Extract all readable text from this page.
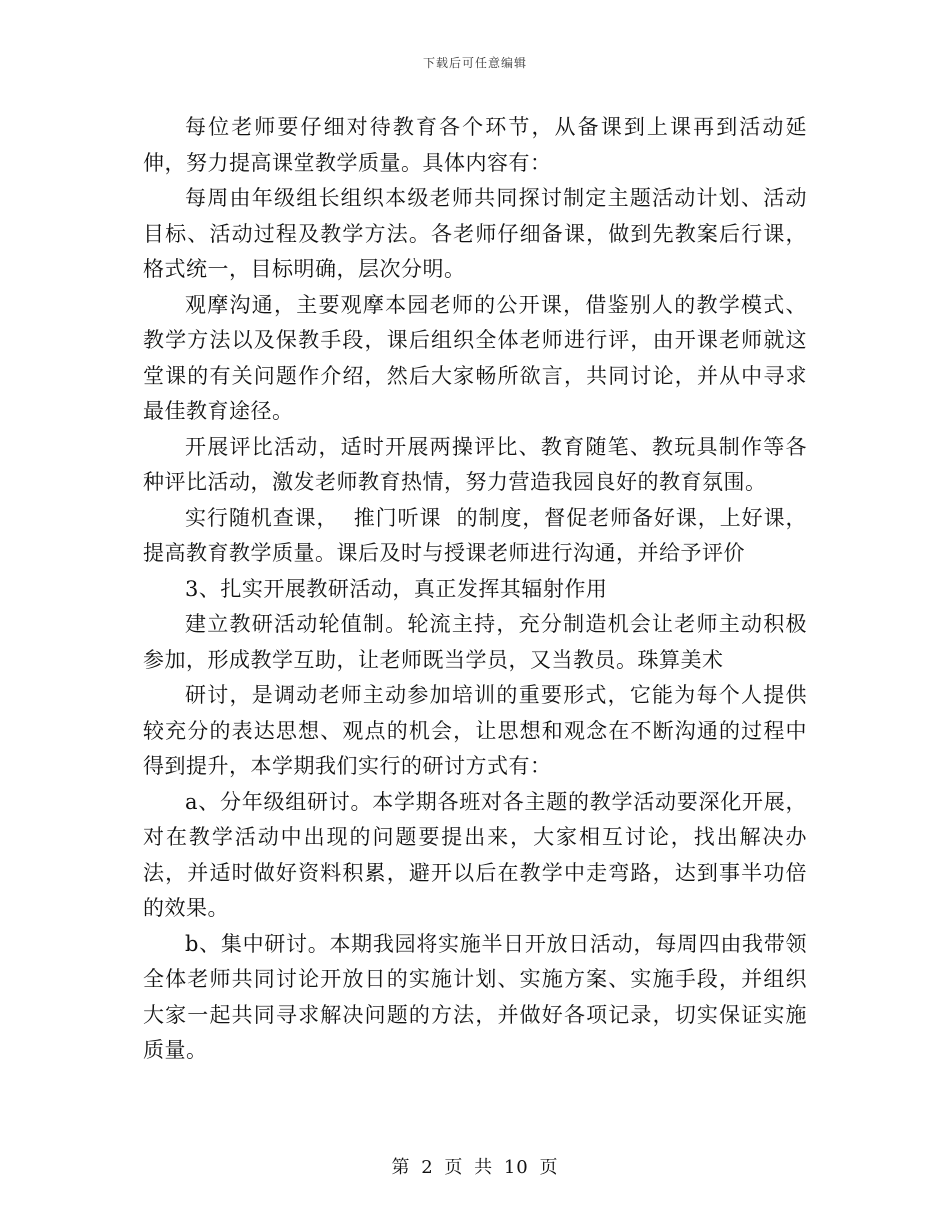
下载后可任意编辑

每位老师要仔细对待教育各个环节，从备课到上课再到活动延伸，努力提高课堂教学质量。具体内容有：

每周由年级组长组织本级老师共同探讨制定主题活动计划、活动目标、活动过程及教学方法。各老师仔细备课，做到先教案后行课，格式统一，目标明确，层次分明。

观摩沟通，主要观摩本园老师的公开课，借鉴别人的教学模式、教学方法以及保教手段，课后组织全体老师进行评，由开课老师就这堂课的有关问题作介绍，然后大家畅所欲言，共同讨论，并从中寻求最佳教育途径。

开展评比活动，适时开展两操评比、教育随笔、教玩具制作等各种评比活动，激发老师教育热情，努力营造我园良好的教育氛围。

实行随机查课，  推门听课  的制度，督促老师备好课，上好课，提高教育教学质量。课后及时与授课老师进行沟通，并给予评价

3、扎实开展教研活动，真正发挥其辐射作用

建立教研活动轮值制。轮流主持，充分制造机会让老师主动积极参加，形成教学互助，让老师既当学员，又当教员。珠算美术

研讨，是调动老师主动参加培训的重要形式，它能为每个人提供较充分的表达思想、观点的机会，让思想和观念在不断沟通的过程中得到提升，本学期我们实行的研讨方式有：

a、分年级组研讨。本学期各班对各主题的教学活动要深化开展，对在教学活动中出现的问题要提出来，大家相互讨论，找出解决办法，并适时做好资料积累，避开以后在教学中走弯路，达到事半功倍的效果。

b、集中研讨。本期我园将实施半日开放日活动，每周四由我带领全体老师共同讨论开放日的实施计划、实施方案、实施手段，并组织大家一起共同寻求解决问题的方法，并做好各项记录，切实保证实施质量。

第 2 页 共 10 页
